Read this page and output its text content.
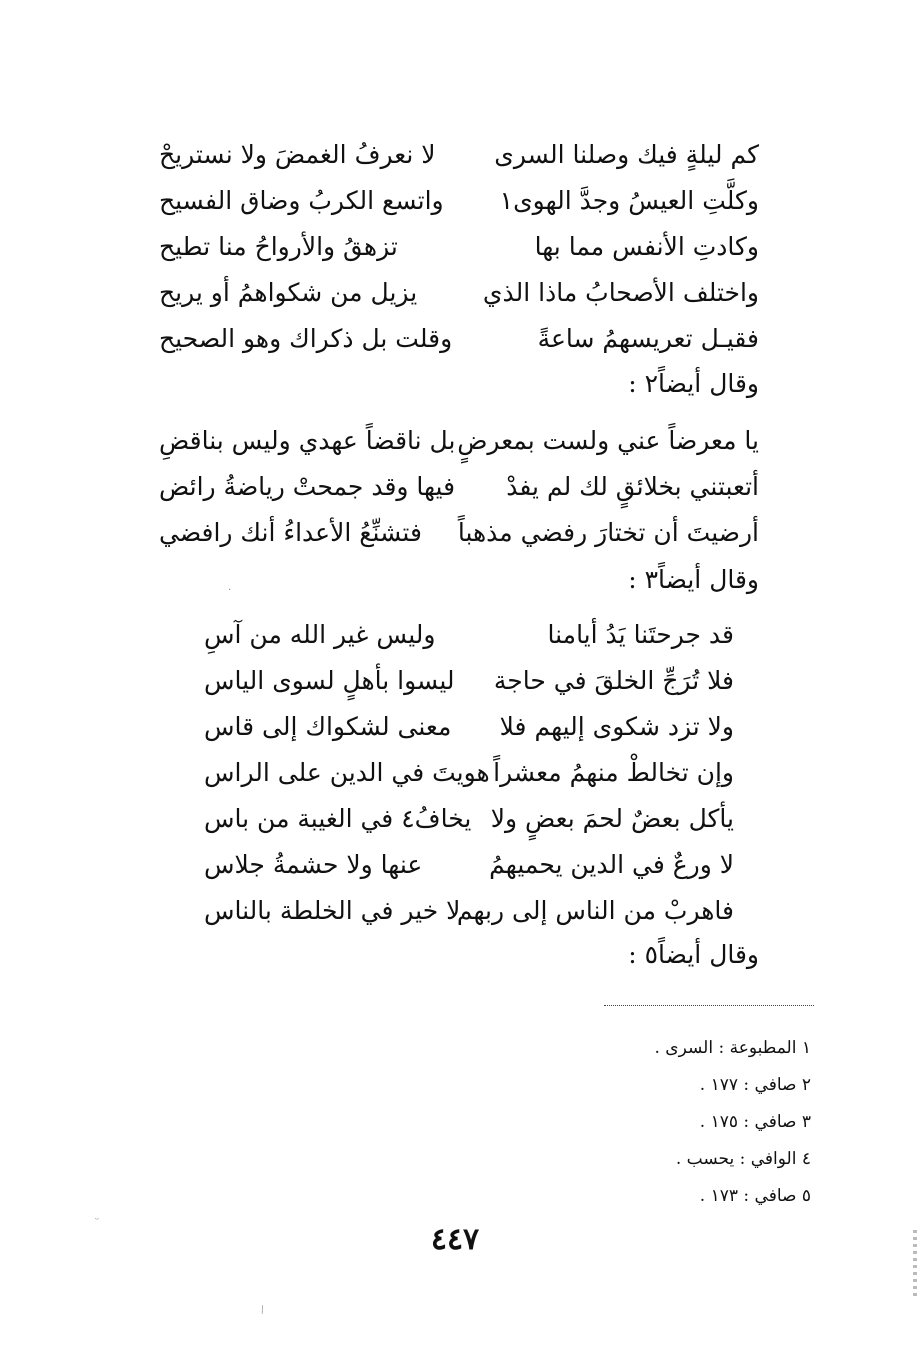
كم ليلةٍ فيك وصلنا السرى
لا نعرفُ الغمضَ ولا نستريحْ
وكلَّتِ العيسُ وجدَّ الهوى١
واتسع الكربُ وضاق الفسيح
وكادتِ الأنفس مما بها
تزهقُ والأرواحُ منا تطيح
واختلف الأصحابُ ماذا الذي
يزيل من شكواهمُ أو يريح
فقيـل تعريسهمُ ساعةً
وقلت بل ذكراك وهو الصحيح
وقال أيضاً٢ :
يا معرضاً عني ولست بمعرضٍ
بل ناقضاً عهدي وليس بناقضِ
أتعبتني بخلائقٍ لك لم يفدْ
فيها وقد جمحتْ رياضةُ رائض
أرضيتَ أن تختارَ رفضي مذهباً
فتشنِّعُ الأعداءُ أنك رافضي
وقال أيضاً٣ :
قد جرحتَنا يَدُ أيامنا
وليس غير الله من آسِ
فلا تُرَجِّ الخلقَ في حاجة
ليسوا بأهلٍ لسوى الياس
ولا تزد شكوى إليهم فلا
معنى لشكواك إلى قاس
وإن تخالطْ منهمُ معشراً
هويتَ في الدين على الراس
يأكل بعضٌ لحمَ بعضٍ ولا
يخافُ٤ في الغيبة من باس
لا ورعٌ في الدين يحميهمُ
عنها ولا حشمةُ جلاس
فاهربْ من الناس إلى ربهم
لا خير في الخلطة بالناس
وقال أيضاً٥ :
١ المطبوعة : السرى .
٢ صافي : ١٧٧ .
٣ صافي : ١٧٥ .
٤ الوافي : يحسب .
٥ صافي : ١٧٣ .
٤٤٧
ᵕ
⁄
·
